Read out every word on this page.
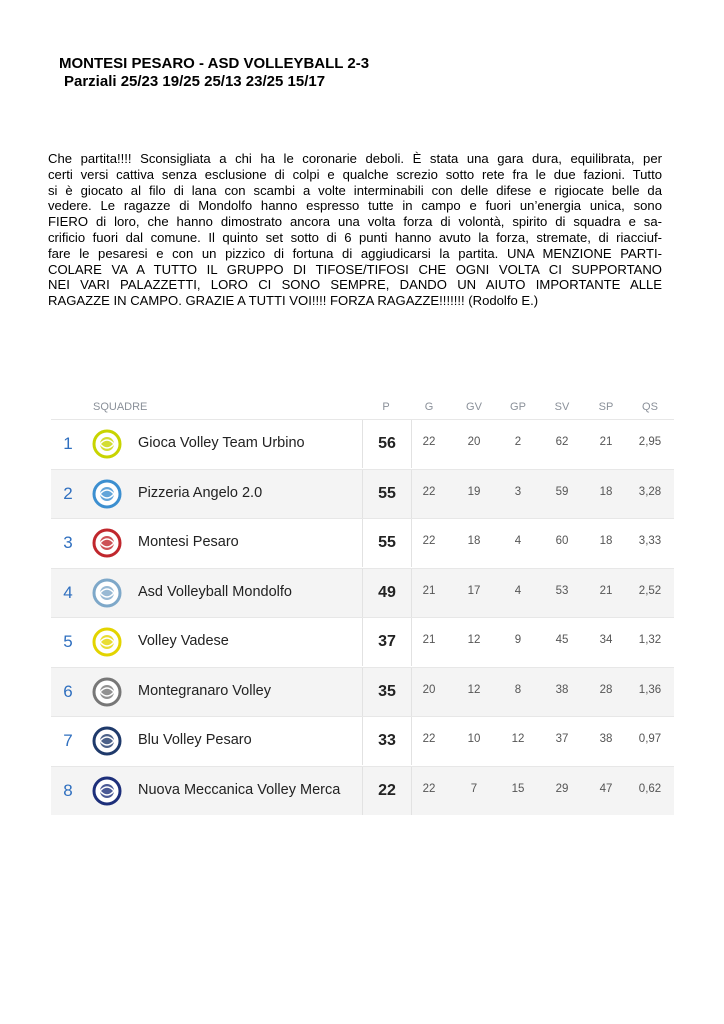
MONTESI PESARO - ASD VOLLEYBALL 2-3
Parziali 25/23 19/25 25/13 23/25 15/17
Che partita!!!! Sconsigliata a chi ha le coronarie deboli. È stata una gara dura, equilibrata, per
certi versi cattiva senza esclusione di colpi e qualche screzio sotto rete fra le due fazioni. Tutto
si è giocato al filo di lana con scambi a volte interminabili con delle difese e rigiocate belle da
vedere. Le ragazze di Mondolfo hanno espresso tutte in campo e fuori un’energia unica, sono
FIERO di loro, che hanno dimostrato ancora una volta forza di volontà, spirito di squadra e sa-
crificio fuori dal comune. Il quinto set sotto di 6 punti hanno avuto la forza, stremate, di riacciuf-
fare le pesaresi e con un pizzico di fortuna di aggiudicarsi la partita. UNA MENZIONE PARTI-
COLARE VA A TUTTO IL GRUPPO DI TIFOSE/TIFOSI CHE OGNI VOLTA CI SUPPORTANO
NEI VARI PALAZZETTI, LORO CI SONO SEMPRE, DANDO UN AIUTO IMPORTANTE ALLE
RAGAZZE IN CAMPO. GRAZIE A TUTTI VOI!!!! FORZA RAGAZZE!!!!!!! (Rodolfo E.)
SQUADRE	P	G	GV	GP	SV	SP	QS
1	Gioca Volley Team Urbino	56	22	20	2	62	21	2,95
2	Pizzeria Angelo 2.0	55	22	19	3	59	18	3,28
3	Montesi Pesaro	55	22	18	4	60	18	3,33
4	Asd Volleyball Mondolfo	49	21	17	4	53	21	2,52
5	Volley Vadese	37	21	12	9	45	34	1,32
6	Montegranaro Volley	35	20	12	8	38	28	1,36
7	Blu Volley Pesaro	33	22	10	12	37	38	0,97
8	Nuova Meccanica Volley Merca	22	22	7	15	29	47	0,62
